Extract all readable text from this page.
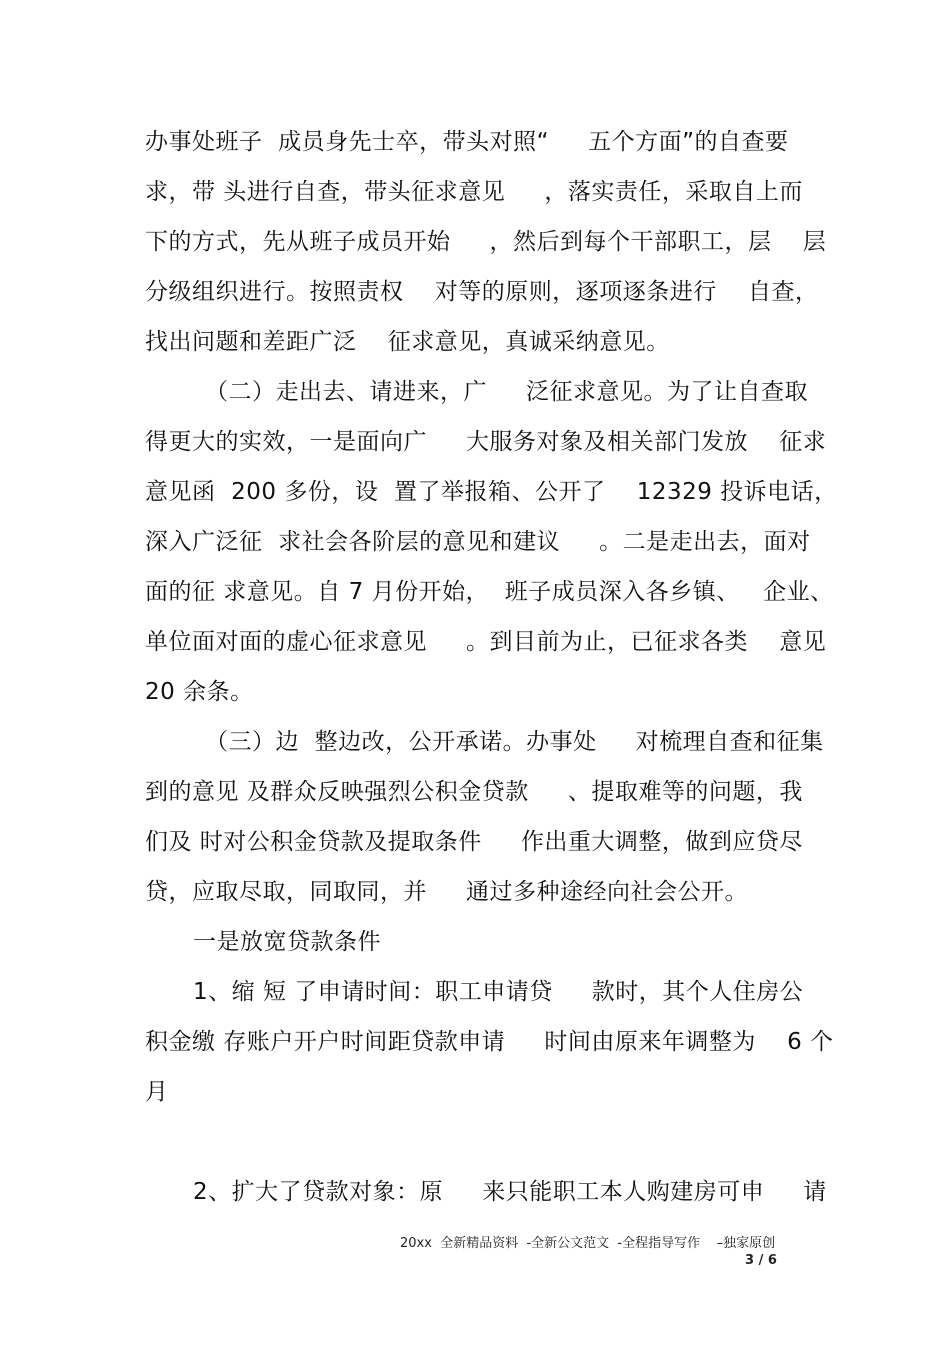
办事处班子  成员身先士卒，带头对照“     五个方面”的自查要
求，带 头进行自查，带头征求意见     ，落实责任，采取自上而
下的方式，先从班子成员开始     ，然后到每个干部职工，层    层
分级组织进行。按照责权    对等的原则，逐项逐条进行    自查，
找出问题和差距广泛    征求意见，真诚采纳意见。
（二）走出去、请进来，广     泛征求意见。为了让自查取
得更大的实效，一是面向广     大服务对象及相关部门发放    征求
意见函  200 多份，设  置了举报箱、公开了    12329 投诉电话，
深入广泛征  求社会各阶层的意见和建议     。二是走出去，面对
面的征 求意见。自 7 月份开始，  班子成员深入各乡镇、   企业、
单位面对面的虚心征求意见     。到目前为止，已征求各类    意见
20 余条。
（三）边  整边改，公开承诺。办事处     对梳理自查和征集
到的意见 及群众反映强烈公积金贷款     、提取难等的问题，我
们及 时对公积金贷款及提取条件     作出重大调整，做到应贷尽
贷，应取尽取，同取同，并     通过多种途经向社会公开。
一是放宽贷款条件
1、缩 短 了申请时间：职工申请贷     款时，其个人住房公
积金缴 存账户开户时间距贷款申请     时间由原来年调整为    6 个
月
2、扩大了贷款对象：原     来只能职工本人购建房可申     请
20xx  全新精品资料  -全新公文范文  -全程指导写作    –独家原创
3 / 6
